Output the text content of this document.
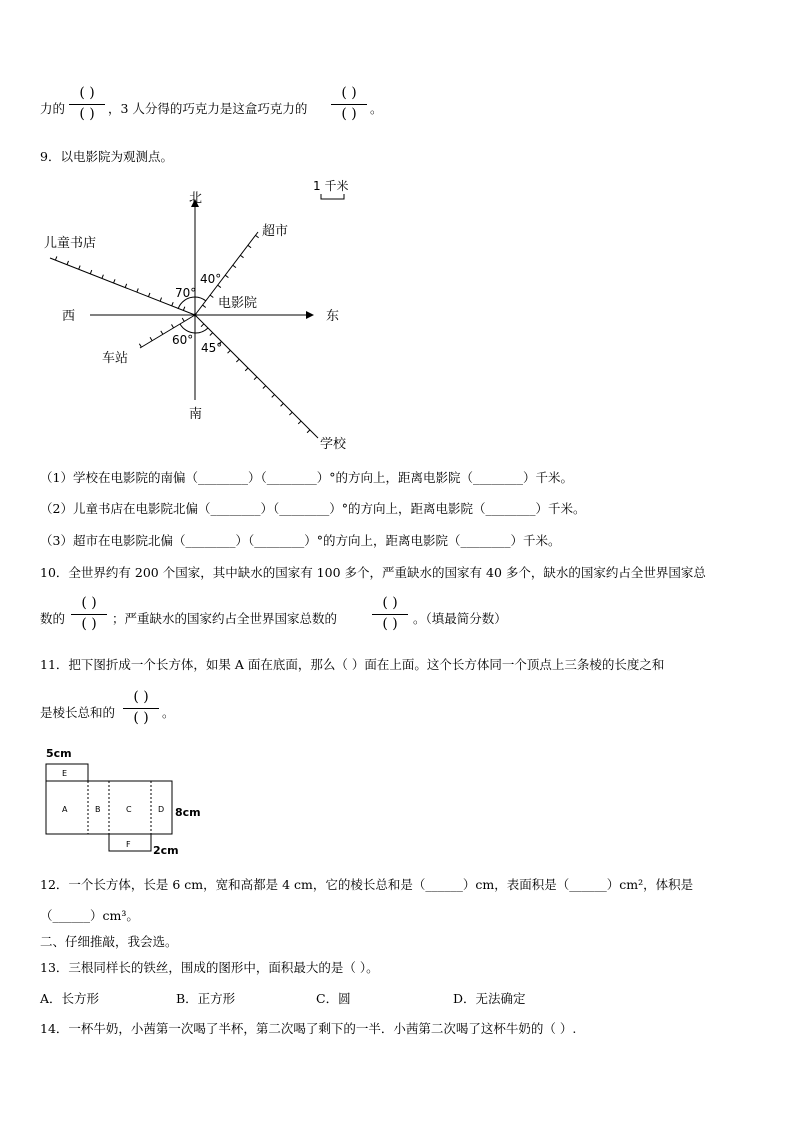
力的
( )
( )	，3 人分得的巧克力是这盒巧克力的
( )
( )	。
9．以电影院为观测点。
1 千米
北
南
东
西
儿童书店
超市
电影院
车站
学校
40°
70°
60°
45°
（1）学校在电影院的南偏（________）（________）°的方向上，距离电影院（________）千米。
（2）儿童书店在电影院北偏（________）（________）°的方向上，距离电影院（________）千米。
（3）超市在电影院北偏（________）（________）°的方向上，距离电影院（________）千米。
10．全世界约有 200 个国家，其中缺水的国家有 100 多个，严重缺水的国家有 40 多个，缺水的国家约占全世界国家总
数的
( )
( )	；严重缺水的国家约占全世界国家总数的
( )
( )	。（填最简分数）
11．把下图折成一个长方体，如果 A 面在底面，那么（ ）面在上面。这个长方体同一个顶点上三条棱的长度之和
是棱长总和的
( )
( )	。
5cm
E
A	B	C	D
F
8cm
2cm
12．一个长方体，长是 6 cm，宽和高都是 4 cm，它的棱长总和是（______）cm，表面积是（______）cm²，体积是
（______）cm³。
二、仔细推敲，我会选。
13．三根同样长的铁丝，围成的图形中，面积最大的是（ ）。
A．长方形	B．正方形	C．圆	D．无法确定
14．一杯牛奶，小茜第一次喝了半杯，第二次喝了剩下的一半．小茜第二次喝了这杯牛奶的（ ）.
